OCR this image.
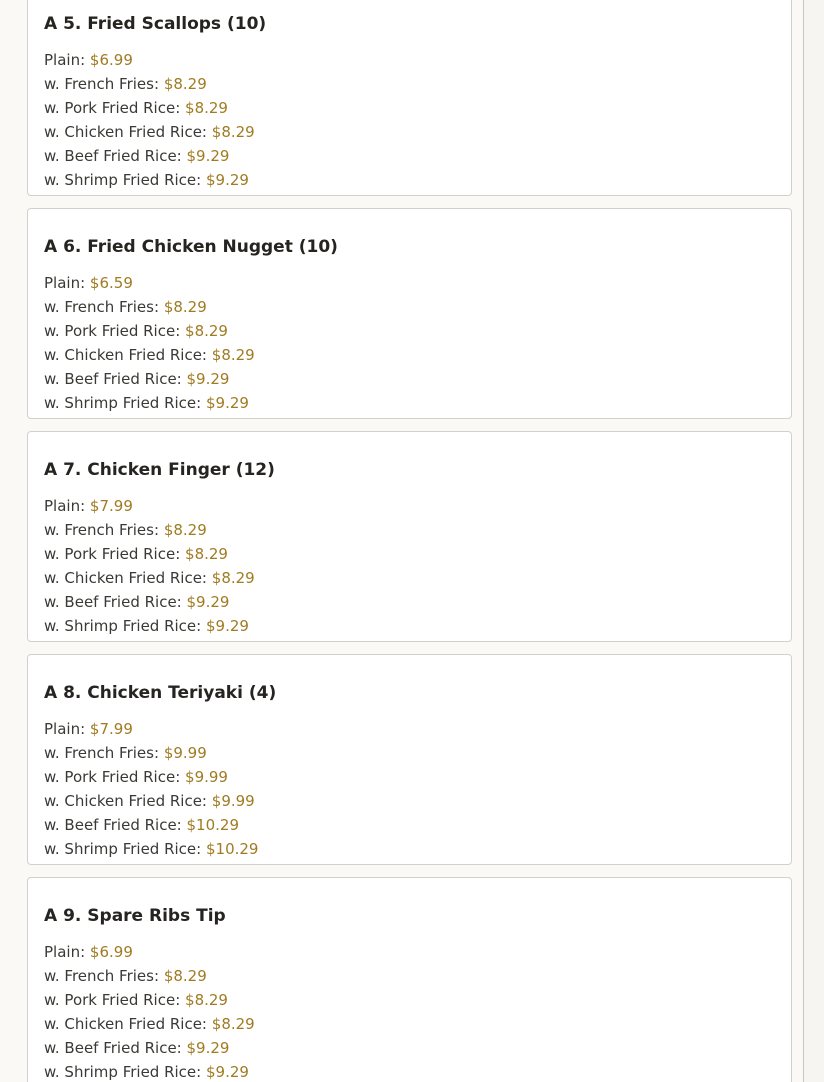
A 5. Fried Scallops (10)
Plain: $6.99
w. French Fries: $8.29
w. Pork Fried Rice: $8.29
w. Chicken Fried Rice: $8.29
w. Beef Fried Rice: $9.29
w. Shrimp Fried Rice: $9.29
A 6. Fried Chicken Nugget (10)
Plain: $6.59
w. French Fries: $8.29
w. Pork Fried Rice: $8.29
w. Chicken Fried Rice: $8.29
w. Beef Fried Rice: $9.29
w. Shrimp Fried Rice: $9.29
A 7. Chicken Finger (12)
Plain: $7.99
w. French Fries: $8.29
w. Pork Fried Rice: $8.29
w. Chicken Fried Rice: $8.29
w. Beef Fried Rice: $9.29
w. Shrimp Fried Rice: $9.29
A 8. Chicken Teriyaki (4)
Plain: $7.99
w. French Fries: $9.99
w. Pork Fried Rice: $9.99
w. Chicken Fried Rice: $9.99
w. Beef Fried Rice: $10.29
w. Shrimp Fried Rice: $10.29
A 9. Spare Ribs Tip
Plain: $6.99
w. French Fries: $8.29
w. Pork Fried Rice: $8.29
w. Chicken Fried Rice: $8.29
w. Beef Fried Rice: $9.29
w. Shrimp Fried Rice: $9.29
